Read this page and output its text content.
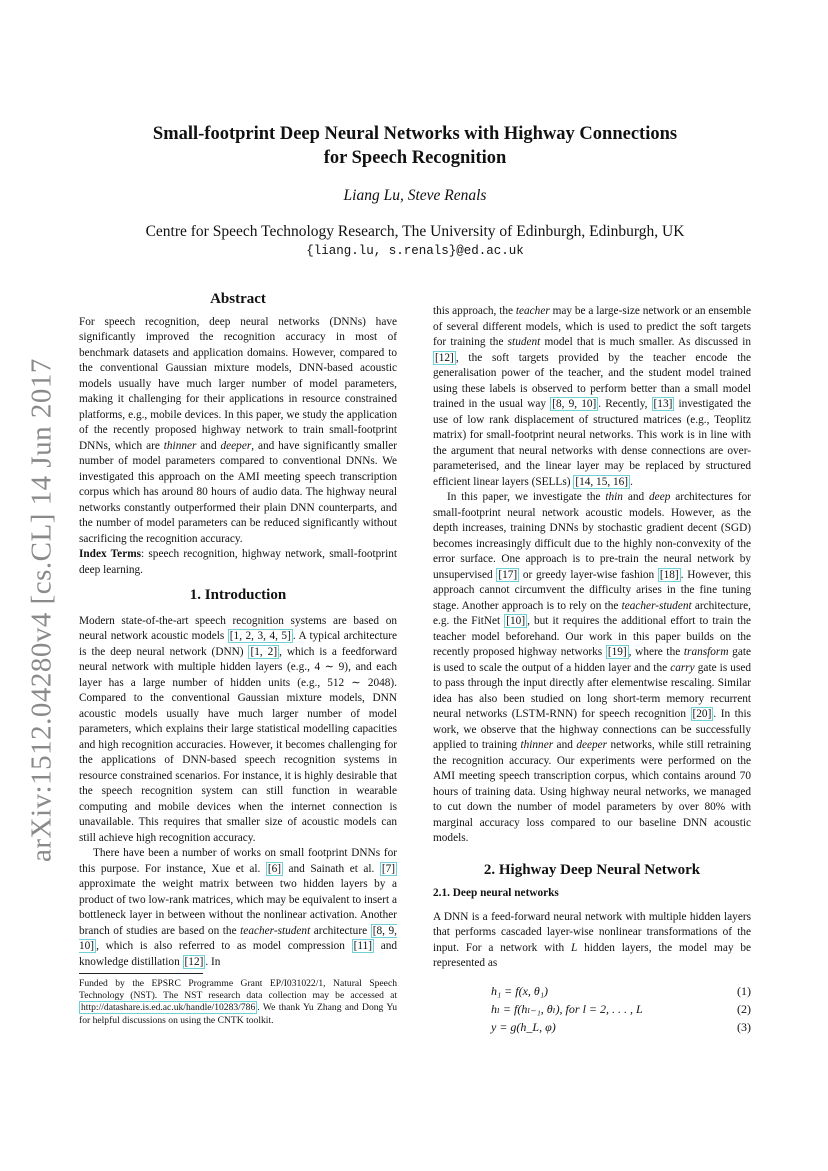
arXiv:1512.04280v4 [cs.CL] 14 Jun 2017
Small-footprint Deep Neural Networks with Highway Connections
for Speech Recognition
Liang Lu, Steve Renals
Centre for Speech Technology Research, The University of Edinburgh, Edinburgh, UK
{liang.lu, s.renals}@ed.ac.uk

Abstract

For speech recognition, deep neural networks (DNNs) have significantly improved the recognition accuracy in most of benchmark datasets and application domains. However, compared to the conventional Gaussian mixture models, DNN-based acoustic models usually have much larger number of model parameters, making it challenging for their applications in resource constrained platforms, e.g., mobile devices. In this paper, we study the application of the recently proposed highway network to train small-footprint DNNs, which are thinner and deeper, and have significantly smaller number of model parameters compared to conventional DNNs. We investigated this approach on the AMI meeting speech transcription corpus which has around 80 hours of audio data. The highway neural networks constantly outperformed their plain DNN counterparts, and the number of model parameters can be reduced significantly without sacrificing the recognition accuracy.

Index Terms: speech recognition, highway network, small-footprint deep learning.

1. Introduction

Modern state-of-the-art speech recognition systems are based on neural network acoustic models [1, 2, 3, 4, 5] . A typical architecture is the deep neural network (DNN) [1, 2] , which is a feedforward neural network with multiple hidden layers (e.g., 4 ∼ 9), and each layer has a large number of hidden units (e.g., 512 ∼ 2048). Compared to the conventional Gaussian mixture models, DNN acoustic models usually have much larger number of model parameters, which explains their large statistical modelling capacities and high recognition accuracies. However, it becomes challenging for the applications of DNN-based speech recognition systems in resource constrained scenarios. For instance, it is highly desirable that the speech recognition system can still function in wearable computing and mobile devices when the internet connection is unavailable. This requires that smaller size of acoustic models can still achieve high recognition accuracy.

There have been a number of works on small footprint DNNs for this purpose. For instance, Xue et al. [6] and Sainath et al. [7] approximate the weight matrix between two hidden layers by a product of two low-rank matrices, which may be equivalent to insert a bottleneck layer in between without the nonlinear activation. Another branch of studies are based on the teacher-student architecture [8, 9, 10] , which is also referred to as model compression [11] and knowledge distillation [12] . In

Funded by the EPSRC Programme Grant EP/I031022/1, Natural Speech Technology (NST). The NST research data collection may be accessed at http://datashare.is.ed.ac.uk/handle/10283/786 . We thank Yu Zhang and Dong Yu for helpful discussions on using the CNTK toolkit.

this approach, the teacher may be a large-size network or an ensemble of several different models, which is used to predict the soft targets for training the student model that is much smaller. As discussed in [12] , the soft targets provided by the teacher encode the generalisation power of the teacher, and the student model trained using these labels is observed to perform better than a small model trained in the usual way [8, 9, 10] . Recently, [13] investigated the use of low rank displacement of structured matrices (e.g., Teoplitz matrix) for small-footprint neural networks. This work is in line with the argument that neural networks with dense connections are over-parameterised, and the linear layer may be replaced by structured efficient linear layers (SELLs) [14, 15, 16] .

In this paper, we investigate the thin and deep architectures for small-footprint neural network acoustic models. However, as the depth increases, training DNNs by stochastic gradient decent (SGD) becomes increasingly difficult due to the highly non-convexity of the error surface. One approach is to pre-train the neural network by unsupervised [17] or greedy layer-wise fashion [18] . However, this approach cannot circumvent the difficulty arises in the fine tuning stage. Another approach is to rely on the teacher-student architecture, e.g. the FitNet [10] , but it requires the additional effort to train the teacher model beforehand. Our work in this paper builds on the recently proposed highway networks [19] , where the transform gate is used to scale the output of a hidden layer and the carry gate is used to pass through the input directly after elementwise rescaling. Similar idea has also been studied on long short-term memory recurrent neural networks (LSTM-RNN) for speech recognition [20] . In this work, we observe that the highway connections can be successfully applied to training thinner and deeper networks, while still retraining the recognition accuracy. Our experiments were performed on the AMI meeting speech transcription corpus, which contains around 70 hours of training data. Using highway neural networks, we managed to cut down the number of model parameters by over 80% with marginal accuracy loss compared to our baseline DNN acoustic models.

2. Highway Deep Neural Network

2.1. Deep neural networks

A DNN is a feed-forward neural network with multiple hidden layers that performs cascaded layer-wise nonlinear transformations of the input. For a network with L hidden layers, the model may be represented as

h₁ = f(x, θ₁)	(1)
hₗ = f(hₗ₋₁, θₗ), for l = 2, . . . , L	(2)
y = g(h_L, φ)	(3)
